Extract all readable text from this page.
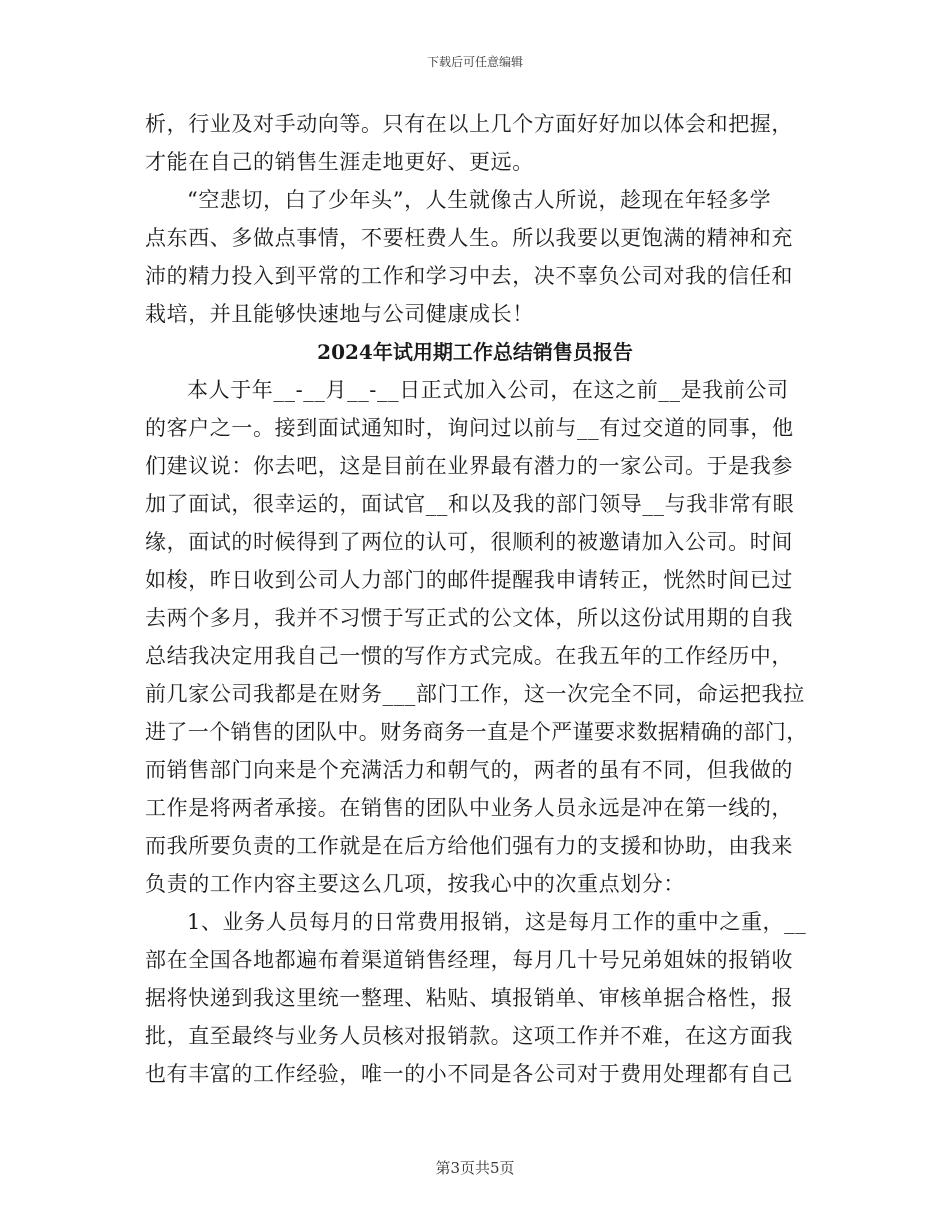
下载后可任意编辑
析，行业及对手动向等。只有在以上几个方面好好加以体会和把握，
才能在自己的销售生涯走地更好、更远。
“空悲切，白了少年头”，人生就像古人所说，趁现在年轻多学
点东西、多做点事情，不要枉费人生。所以我要以更饱满的精神和充
沛的精力投入到平常的工作和学习中去，决不辜负公司对我的信任和
栽培，并且能够快速地与公司健康成长！
2024年试用期工作总结销售员报告
本人于年__-__月__-__日正式加入公司，在这之前__是我前公司
的客户之一。接到面试通知时，询问过以前与__有过交道的同事，他
们建议说：你去吧，这是目前在业界最有潜力的一家公司。于是我参
加了面试，很幸运的，面试官__和以及我的部门领导__与我非常有眼
缘，面试的时候得到了两位的认可，很顺利的被邀请加入公司。时间
如梭，昨日收到公司人力部门的邮件提醒我申请转正，恍然时间已过
去两个多月，我并不习惯于写正式的公文体，所以这份试用期的自我
总结我决定用我自己一惯的写作方式完成。在我五年的工作经历中，
前几家公司我都是在财务___部门工作，这一次完全不同，命运把我拉
进了一个销售的团队中。财务商务一直是个严谨要求数据精确的部门，
而销售部门向来是个充满活力和朝气的，两者的虽有不同，但我做的
工作是将两者承接。在销售的团队中业务人员永远是冲在第一线的，
而我所要负责的工作就是在后方给他们强有力的支援和协助，由我来
负责的工作内容主要这么几项，按我心中的次重点划分：
1、业务人员每月的日常费用报销，这是每月工作的重中之重，__
部在全国各地都遍布着渠道销售经理，每月几十号兄弟姐妹的报销收
据将快递到我这里统一整理、粘贴、填报销单、审核单据合格性，报
批，直至最终与业务人员核对报销款。这项工作并不难，在这方面我
也有丰富的工作经验，唯一的小不同是各公司对于费用处理都有自己
第3页共5页
